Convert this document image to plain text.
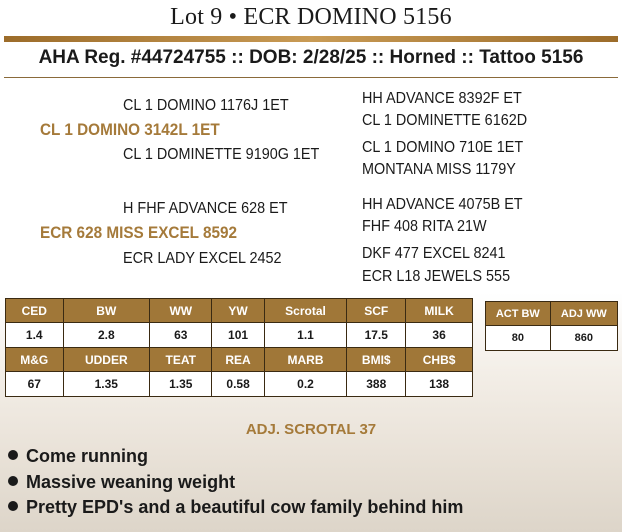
Lot 9 • ECR DOMINO 5156
AHA Reg. #44724755 :: DOB: 2/28/25 :: Horned :: Tattoo 5156
CL 1 DOMINO 1176J 1ET
CL 1 DOMINO 3142L 1ET
CL 1 DOMINETTE 9190G 1ET
HH ADVANCE 8392F ET
CL 1 DOMINETTE 6162D
CL 1 DOMINO 710E 1ET
MONTANA MISS 1179Y
H FHF ADVANCE 628 ET
ECR 628 MISS EXCEL 8592
ECR LADY EXCEL 2452
HH ADVANCE 4075B ET
FHF 408 RITA 21W
DKF 477 EXCEL 8241
ECR L18 JEWELS 555
CED	BW	WW	YW	Scrotal	SCF	MILK
1.4	2.8	63	101	1.1	17.5	36
M&G	UDDER	TEAT	REA	MARB	BMI$	CHB$
67	1.35	1.35	0.58	0.2	388	138
ACT BW	ADJ WW
80	860
ADJ. SCROTAL 37
Come running
Massive weaning weight
Pretty EPD's and a beautiful cow family behind him
